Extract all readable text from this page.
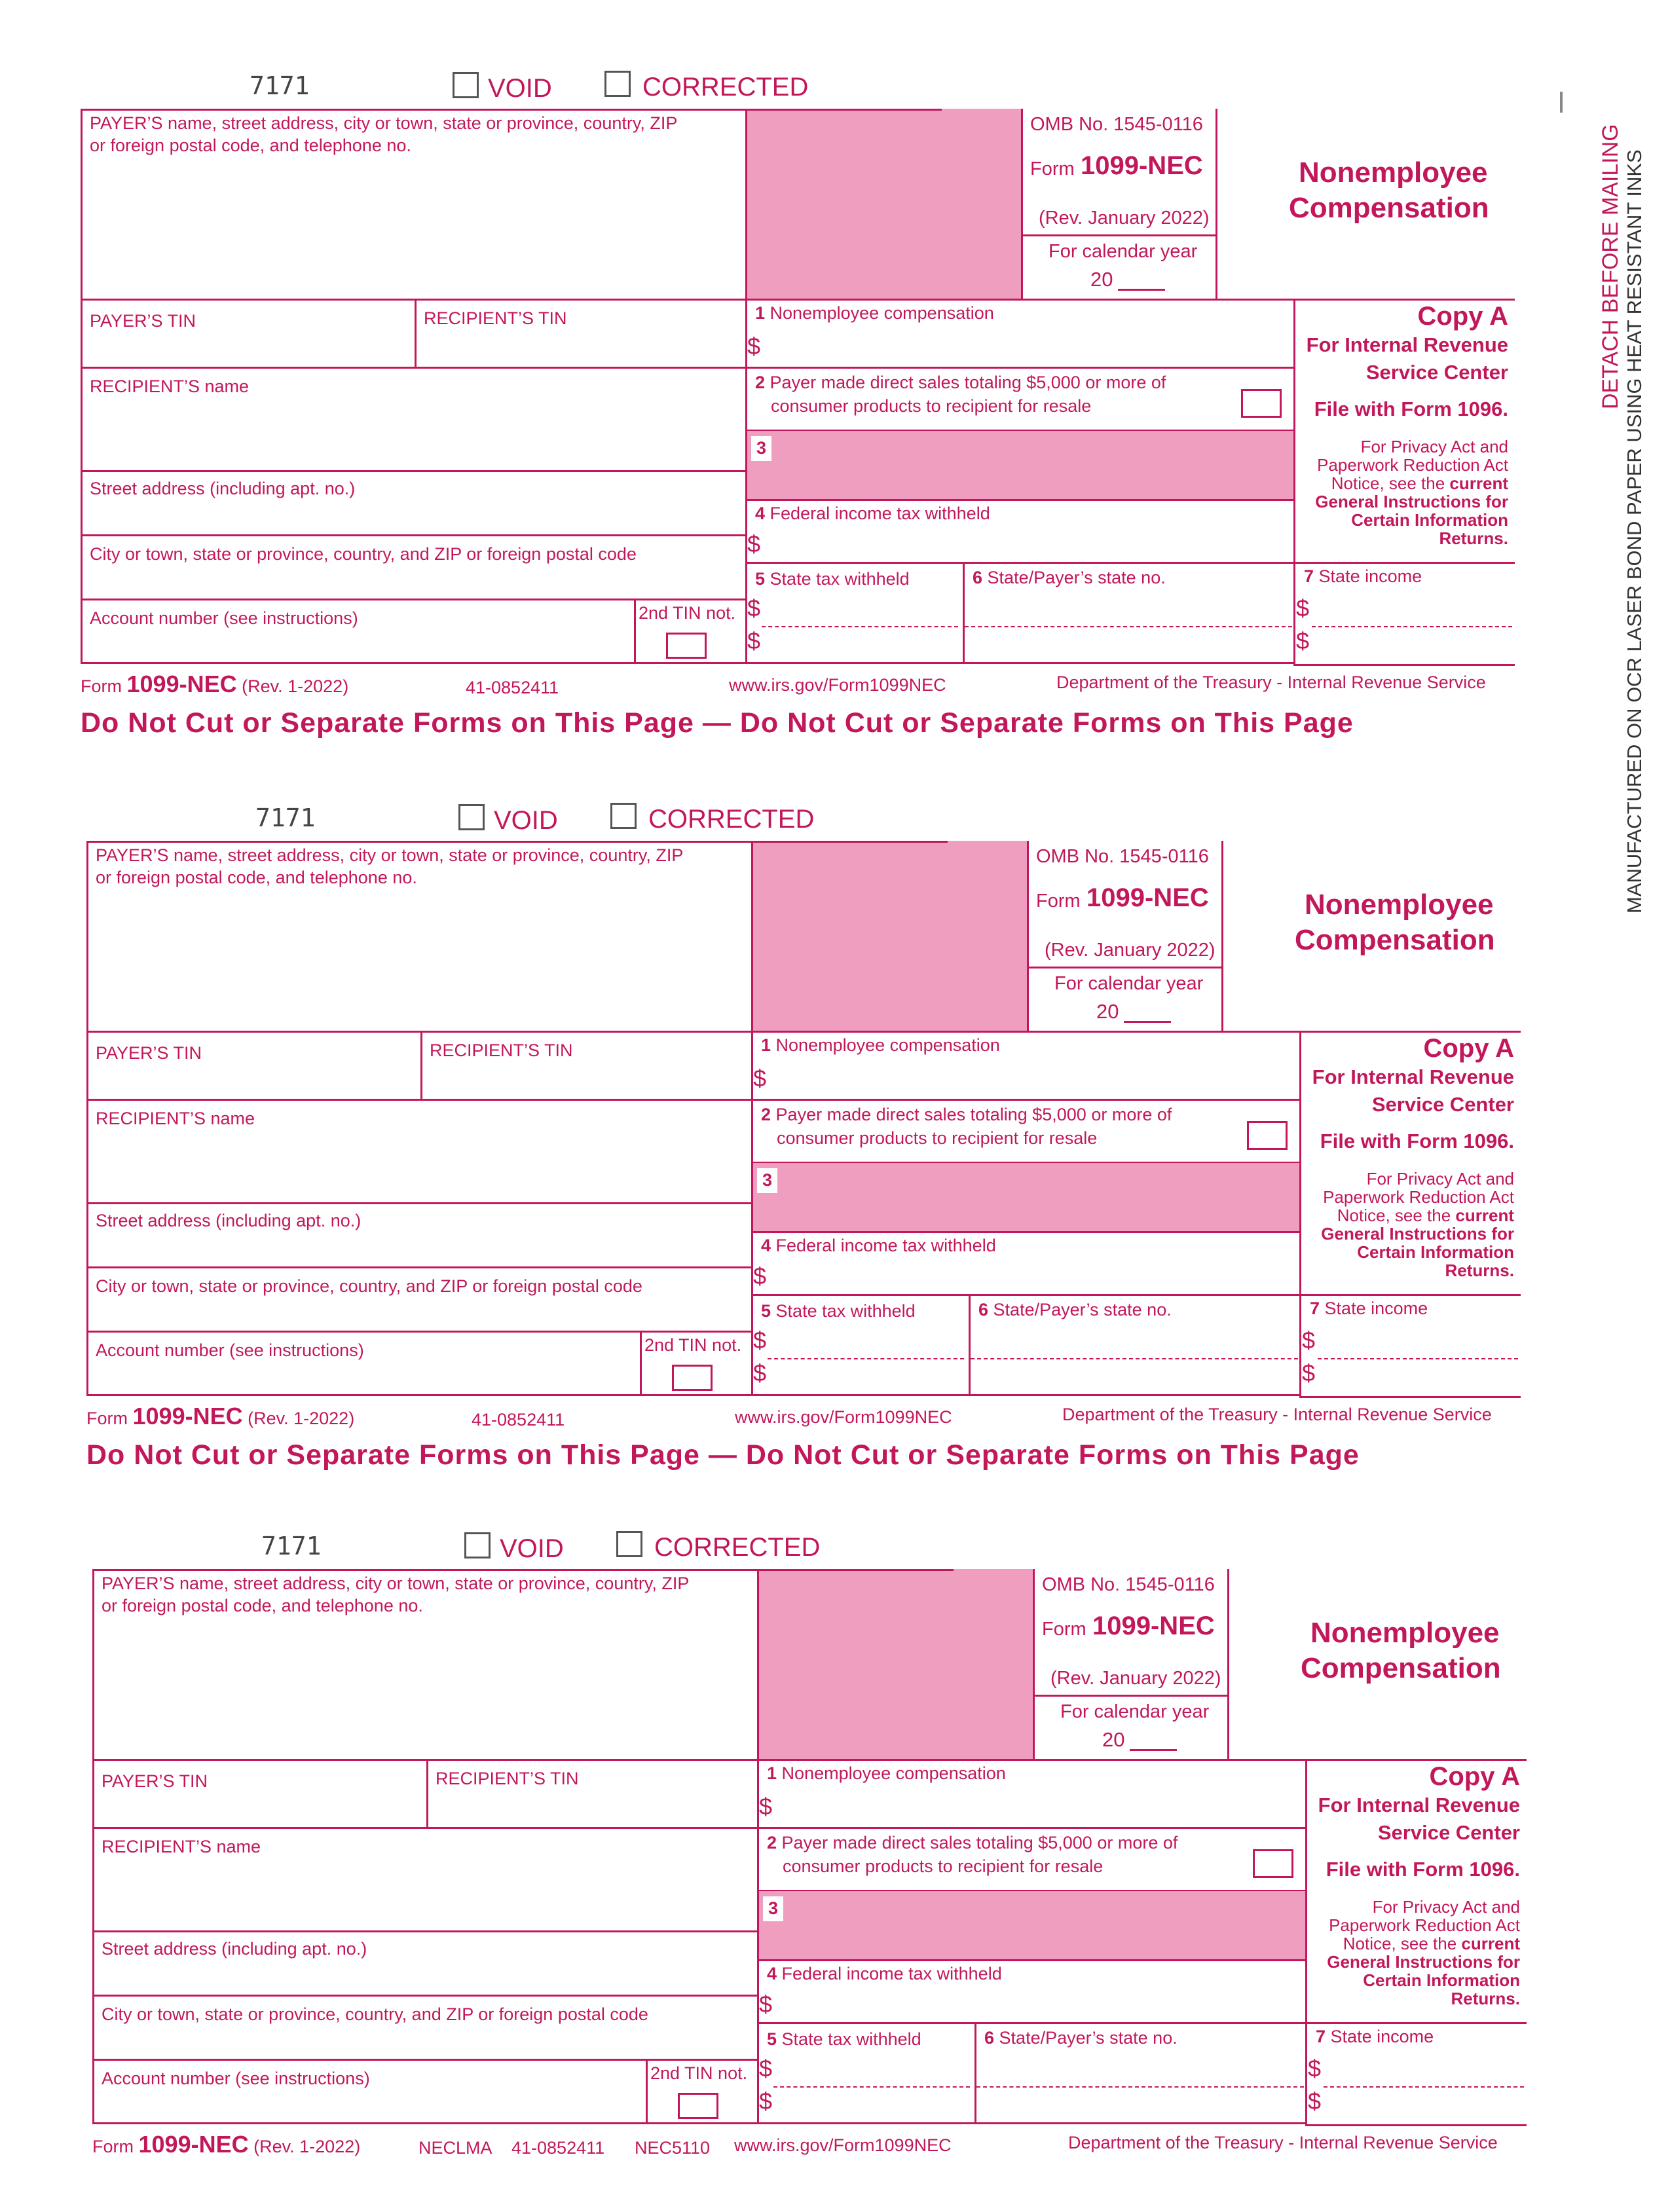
DETACH BEFORE MAILING MANUFACTURED ON OCR LASER BOND PAPER USING HEAT RESISTANT INKS
7171	VOID	CORRECTED
PAYER’S name, street address, city or town, state or province, country, ZIP
or foreign postal code, and telephone no.
OMB No. 1545-0116
Form 1099-NEC
(Rev. January 2022)
For calendar year
20
Nonemployee
Compensation
PAYER’S TIN	RECIPIENT’S TIN
RECIPIENT’S name
Street address (including apt. no.)
City or town, state or province, country, and ZIP or foreign postal code
Account number (see instructions)	2nd TIN not.
1 Nonemployee compensation
$
2 Payer made direct sales totaling $5,000 or more of
consumer products to recipient for resale
3
4 Federal income tax withheld
$
5 State tax withheld	6 State/Payer’s state no.
$
$
Copy A
For Internal Revenue
Service Center
File with Form 1096.
For Privacy Act and
Paperwork Reduction Act
Notice, see the current
General Instructions for
Certain Information
Returns.
7 State income
$
$
Form 1099-NEC (Rev. 1-2022)	41-0852411	www.irs.gov/Form1099NEC	Department of the Treasury - Internal Revenue Service
Do Not Cut or Separate Forms on This Page — Do Not Cut or Separate Forms on This Page
7171	VOID	CORRECTED
PAYER’S name, street address, city or town, state or province, country, ZIP
or foreign postal code, and telephone no.
OMB No. 1545-0116
Form 1099-NEC
(Rev. January 2022)
For calendar year
20
Nonemployee
Compensation
PAYER’S TIN	RECIPIENT’S TIN
RECIPIENT’S name
Street address (including apt. no.)
City or town, state or province, country, and ZIP or foreign postal code
Account number (see instructions)	2nd TIN not.
1 Nonemployee compensation
$
2 Payer made direct sales totaling $5,000 or more of
consumer products to recipient for resale
3
4 Federal income tax withheld
$
5 State tax withheld	6 State/Payer’s state no.
$
$
Copy A
For Internal Revenue
Service Center
File with Form 1096.
For Privacy Act and
Paperwork Reduction Act
Notice, see the current
General Instructions for
Certain Information
Returns.
7 State income
$
$
Form 1099-NEC (Rev. 1-2022)	41-0852411	www.irs.gov/Form1099NEC	Department of the Treasury - Internal Revenue Service
Do Not Cut or Separate Forms on This Page — Do Not Cut or Separate Forms on This Page
7171	VOID	CORRECTED
PAYER’S name, street address, city or town, state or province, country, ZIP
or foreign postal code, and telephone no.
OMB No. 1545-0116
Form 1099-NEC
(Rev. January 2022)
For calendar year
20
Nonemployee
Compensation
PAYER’S TIN	RECIPIENT’S TIN
RECIPIENT’S name
Street address (including apt. no.)
City or town, state or province, country, and ZIP or foreign postal code
Account number (see instructions)	2nd TIN not.
1 Nonemployee compensation
$
2 Payer made direct sales totaling $5,000 or more of
consumer products to recipient for resale
3
4 Federal income tax withheld
$
5 State tax withheld	6 State/Payer’s state no.
$
$
Copy A
For Internal Revenue
Service Center
File with Form 1096.
For Privacy Act and
Paperwork Reduction Act
Notice, see the current
General Instructions for
Certain Information
Returns.
7 State income
$
$
Form 1099-NEC (Rev. 1-2022)	NECLMA 41-0852411 NEC5110 www.irs.gov/Form1099NEC	Department of the Treasury - Internal Revenue Service
